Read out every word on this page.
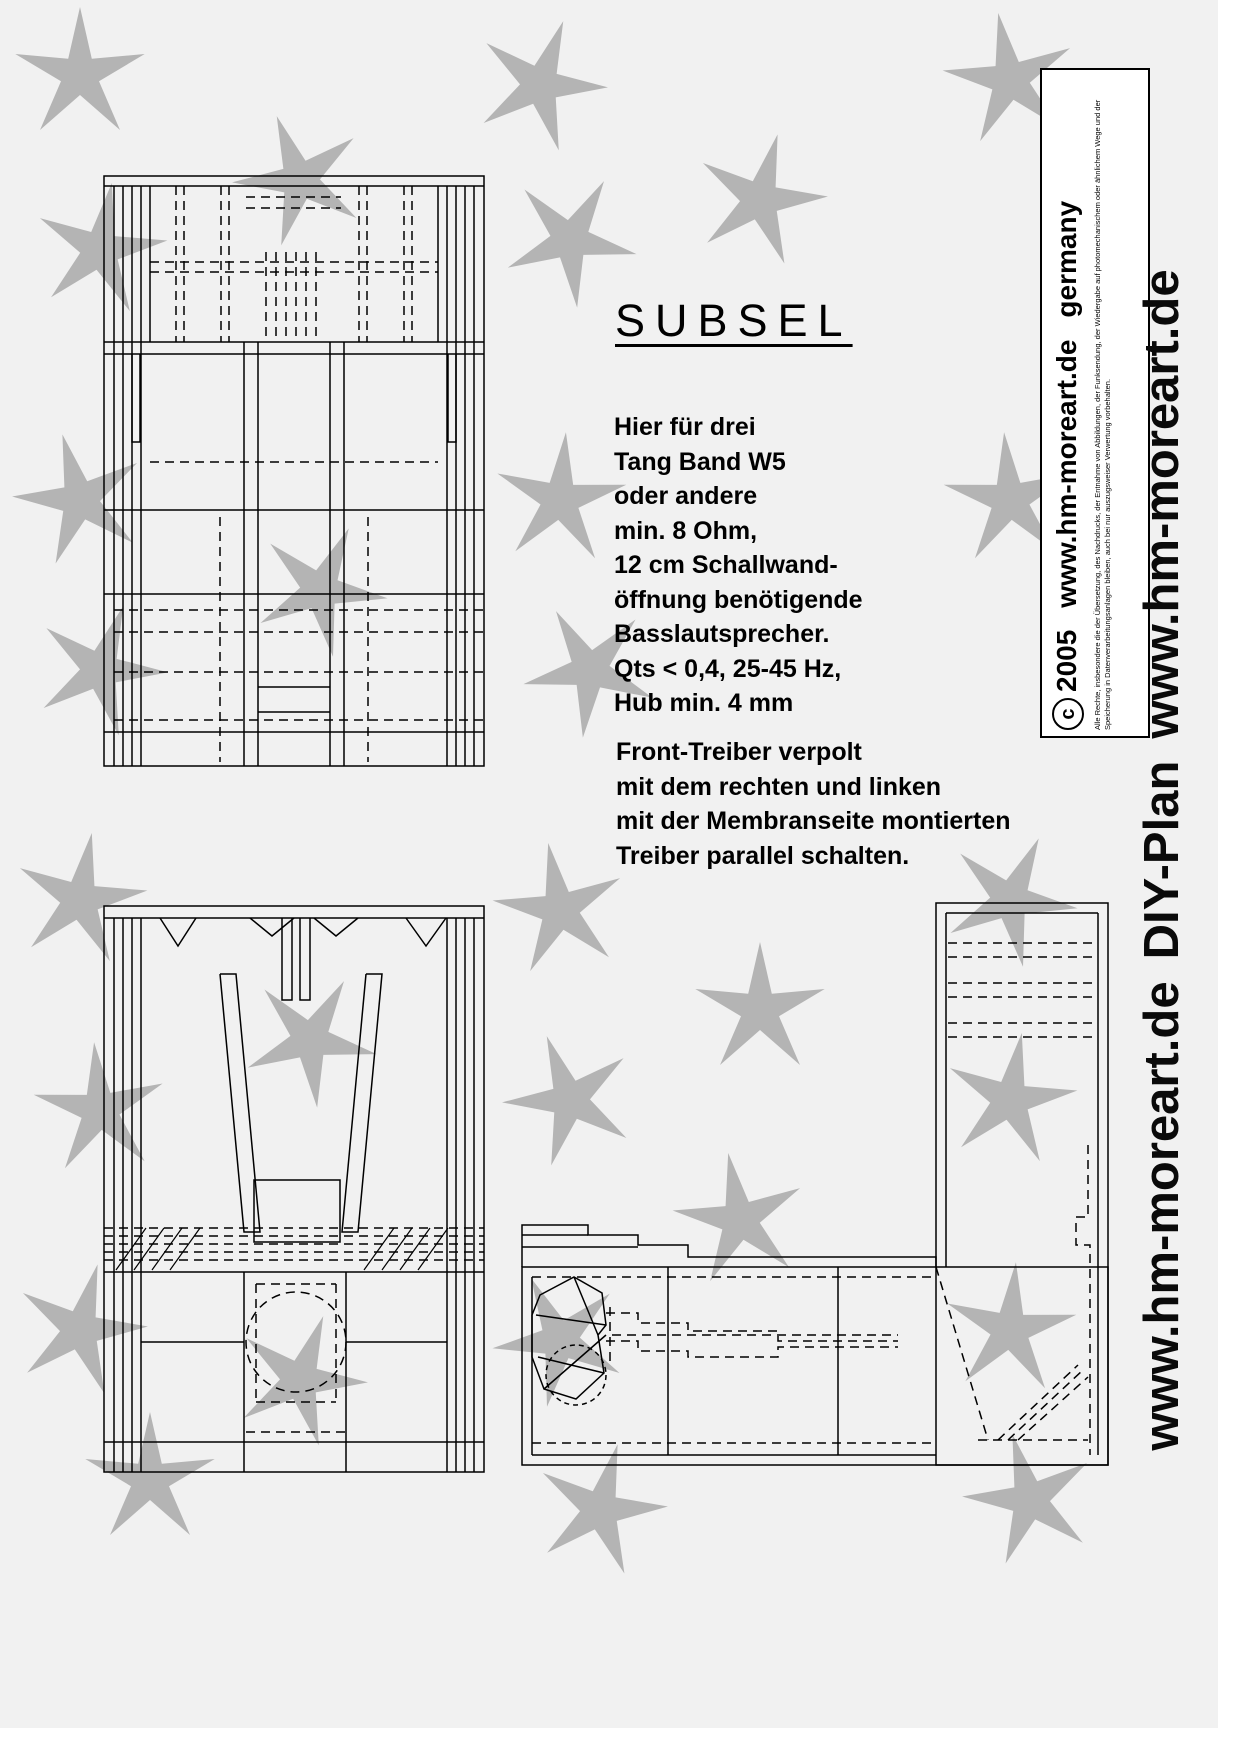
SUBSEL
Hier für drei
Tang Band W5
oder andere
min. 8 Ohm,
12 cm Schallwand-
öffnung benötigende
Basslautsprecher.
Qts < 0,4, 25-45 Hz,
Hub min. 4 mm
Front-Treiber verpolt
mit dem rechten und linken
mit der Membranseite montierten
Treiber parallel schalten.
c2005www.hm-moreart.degermany Alle Rechte, insbesondere die der Übersetzung, des Nachdrucks, der Entnahme von Abbildungen, der Funksendung, der Wiedergabe auf photomechanischem oder ähnlichem Wege und der Speicherung in Datenverarbeitungsanlagen bleiben, auch bei nur auszugsweiser Verwertung vorbehalten.
www.hm-moreart.deDIY-Planwww.hm-moreart.de
